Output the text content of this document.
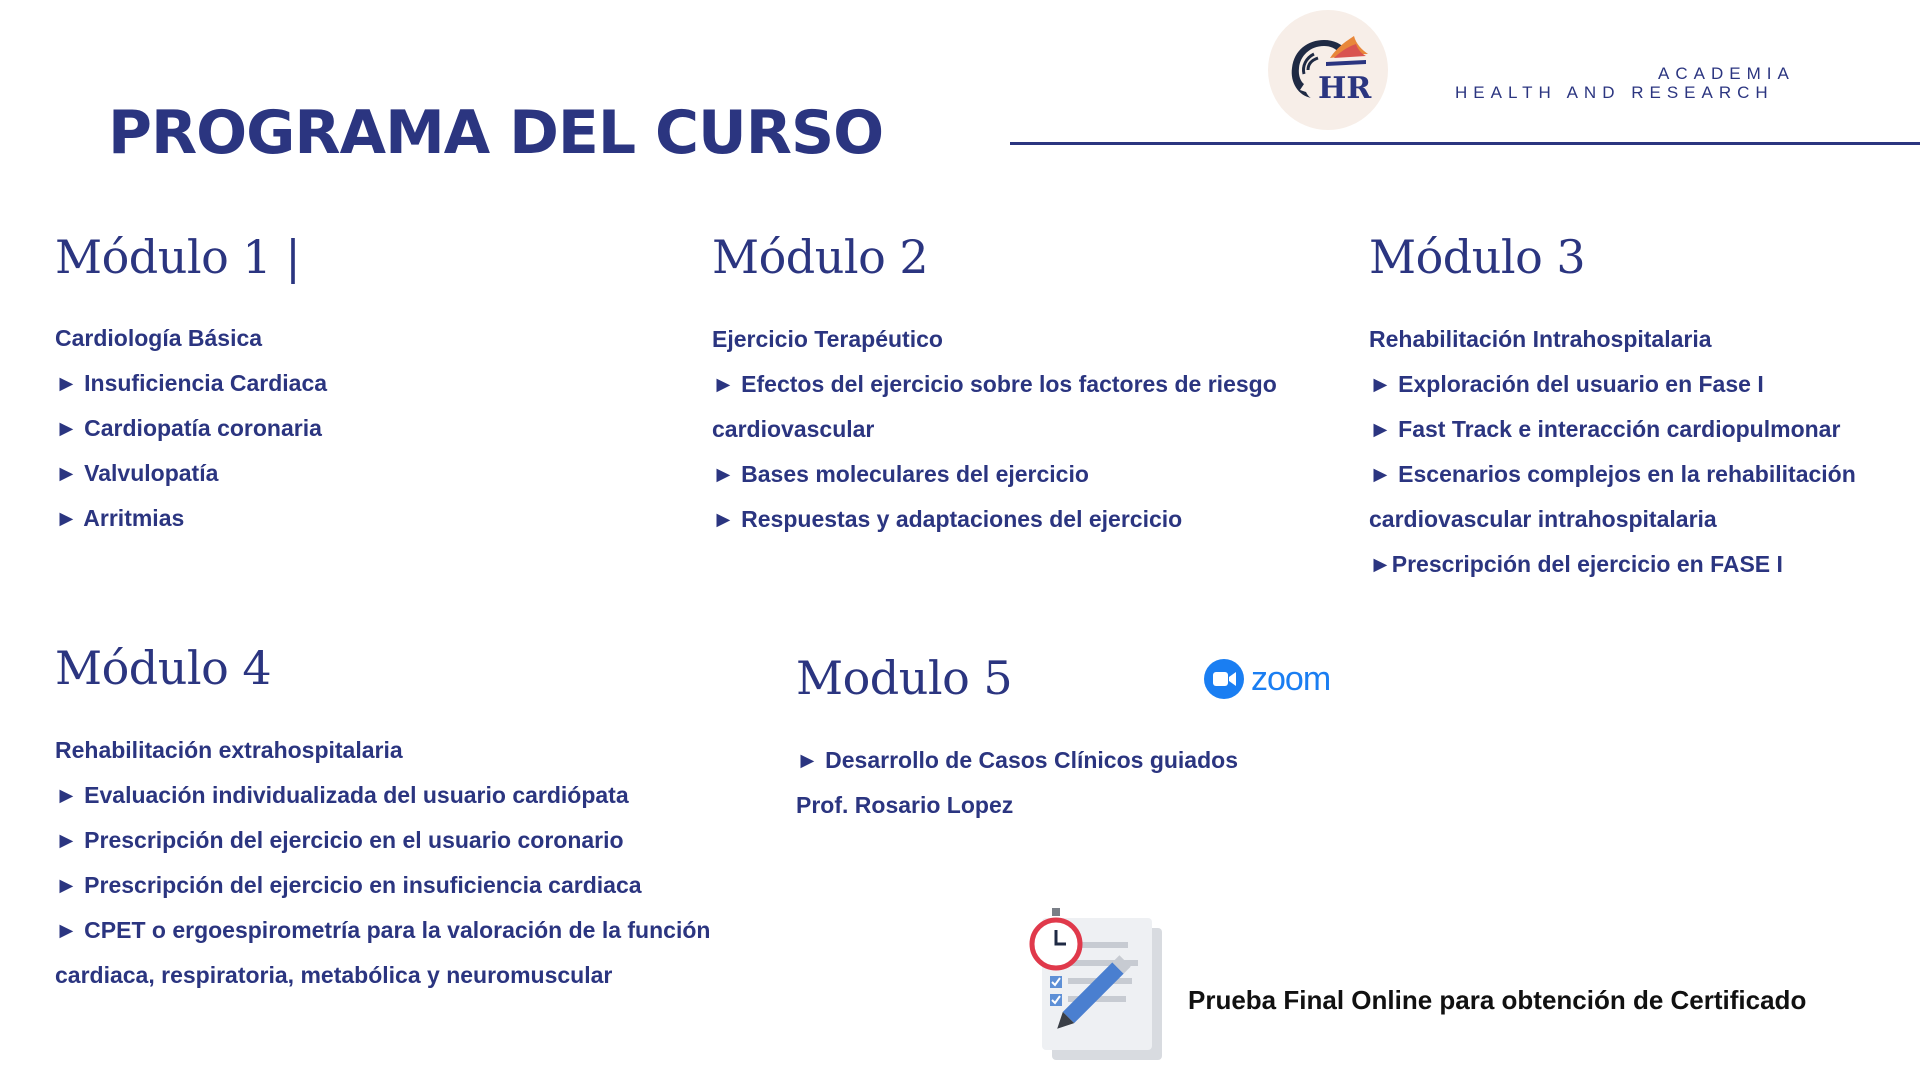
PROGRAMA DEL CURSO
HR	ACADEMIA
HEALTH AND RESEARCH
Módulo 1 |
Cardiología Básica
► Insuficiencia Cardiaca
► Cardiopatía coronaria
► Valvulopatía
► Arritmias
Módulo 2
Ejercicio Terapéutico
► Efectos del ejercicio sobre los factores de riesgo
cardiovascular
► Bases moleculares del ejercicio
► Respuestas y adaptaciones del ejercicio
Módulo 3
Rehabilitación Intrahospitalaria
► Exploración del usuario en Fase I
► Fast Track e interacción cardiopulmonar
► Escenarios complejos en la rehabilitación
cardiovascular intrahospitalaria
►Prescripción del ejercicio en FASE I
Módulo 4
Rehabilitación extrahospitalaria
► Evaluación individualizada del usuario cardiópata
► Prescripción del ejercicio en el usuario coronario
► Prescripción del ejercicio en insuficiencia cardiaca
► CPET o ergoespirometría para la valoración de la función
cardiaca, respiratoria, metabólica y neuromuscular
Modulo 5
► Desarrollo de Casos Clínicos guiados
Prof. Rosario Lopez
zoom
Prueba Final Online para obtención de Certificado
